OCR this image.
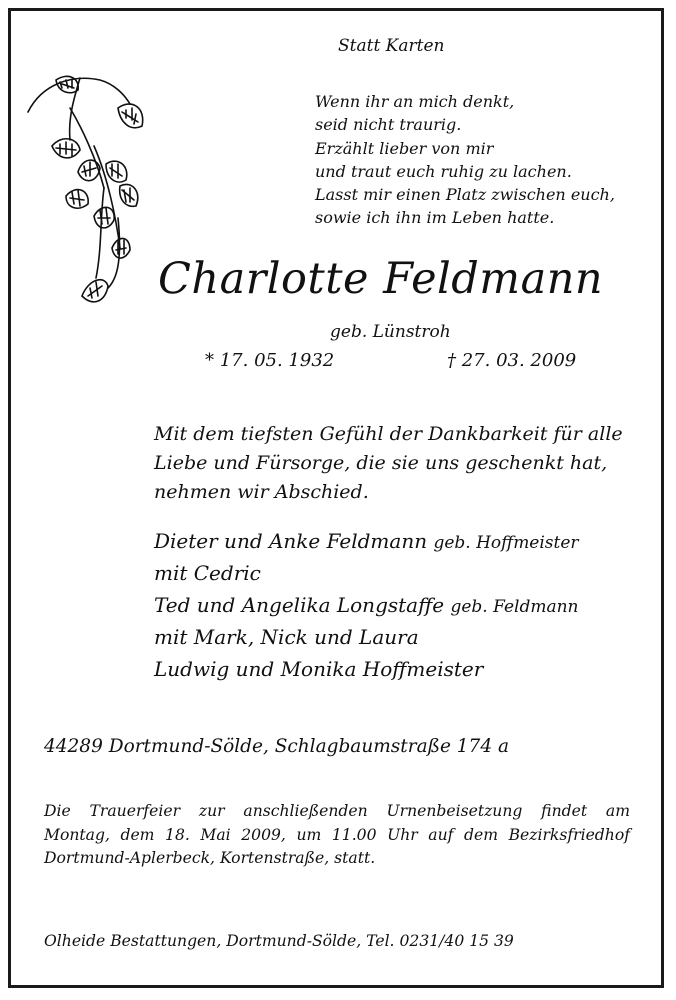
Statt Karten
Wenn ihr an mich denkt,
seid nicht traurig.
Erzählt lieber von mir
und traut euch ruhig zu lachen.
Lasst mir einen Platz zwischen euch,
sowie ich ihn im Leben hatte.
Charlotte Feldmann
geb. Lünstroh
* 17. 05. 1932	† 27. 03. 2009
Mit dem tiefsten Gefühl der Dankbarkeit für alle
Liebe und Fürsorge, die sie uns geschenkt hat,
nehmen wir Abschied.
Dieter und Anke Feldmann geb. Hoffmeister
mit Cedric
Ted und Angelika Longstaffe geb. Feldmann
mit Mark, Nick und Laura
Ludwig und Monika Hoffmeister
44289 Dortmund-Sölde, Schlagbaumstraße 174 a
Die Trauerfeier zur anschließenden Urnenbeisetzung findet am
Montag, dem 18. Mai 2009, um 11.00 Uhr auf dem Bezirksfriedhof
Dortmund-Aplerbeck, Kortenstraße, statt.
Olheide Bestattungen, Dortmund-Sölde, Tel. 0231/40 15 39
